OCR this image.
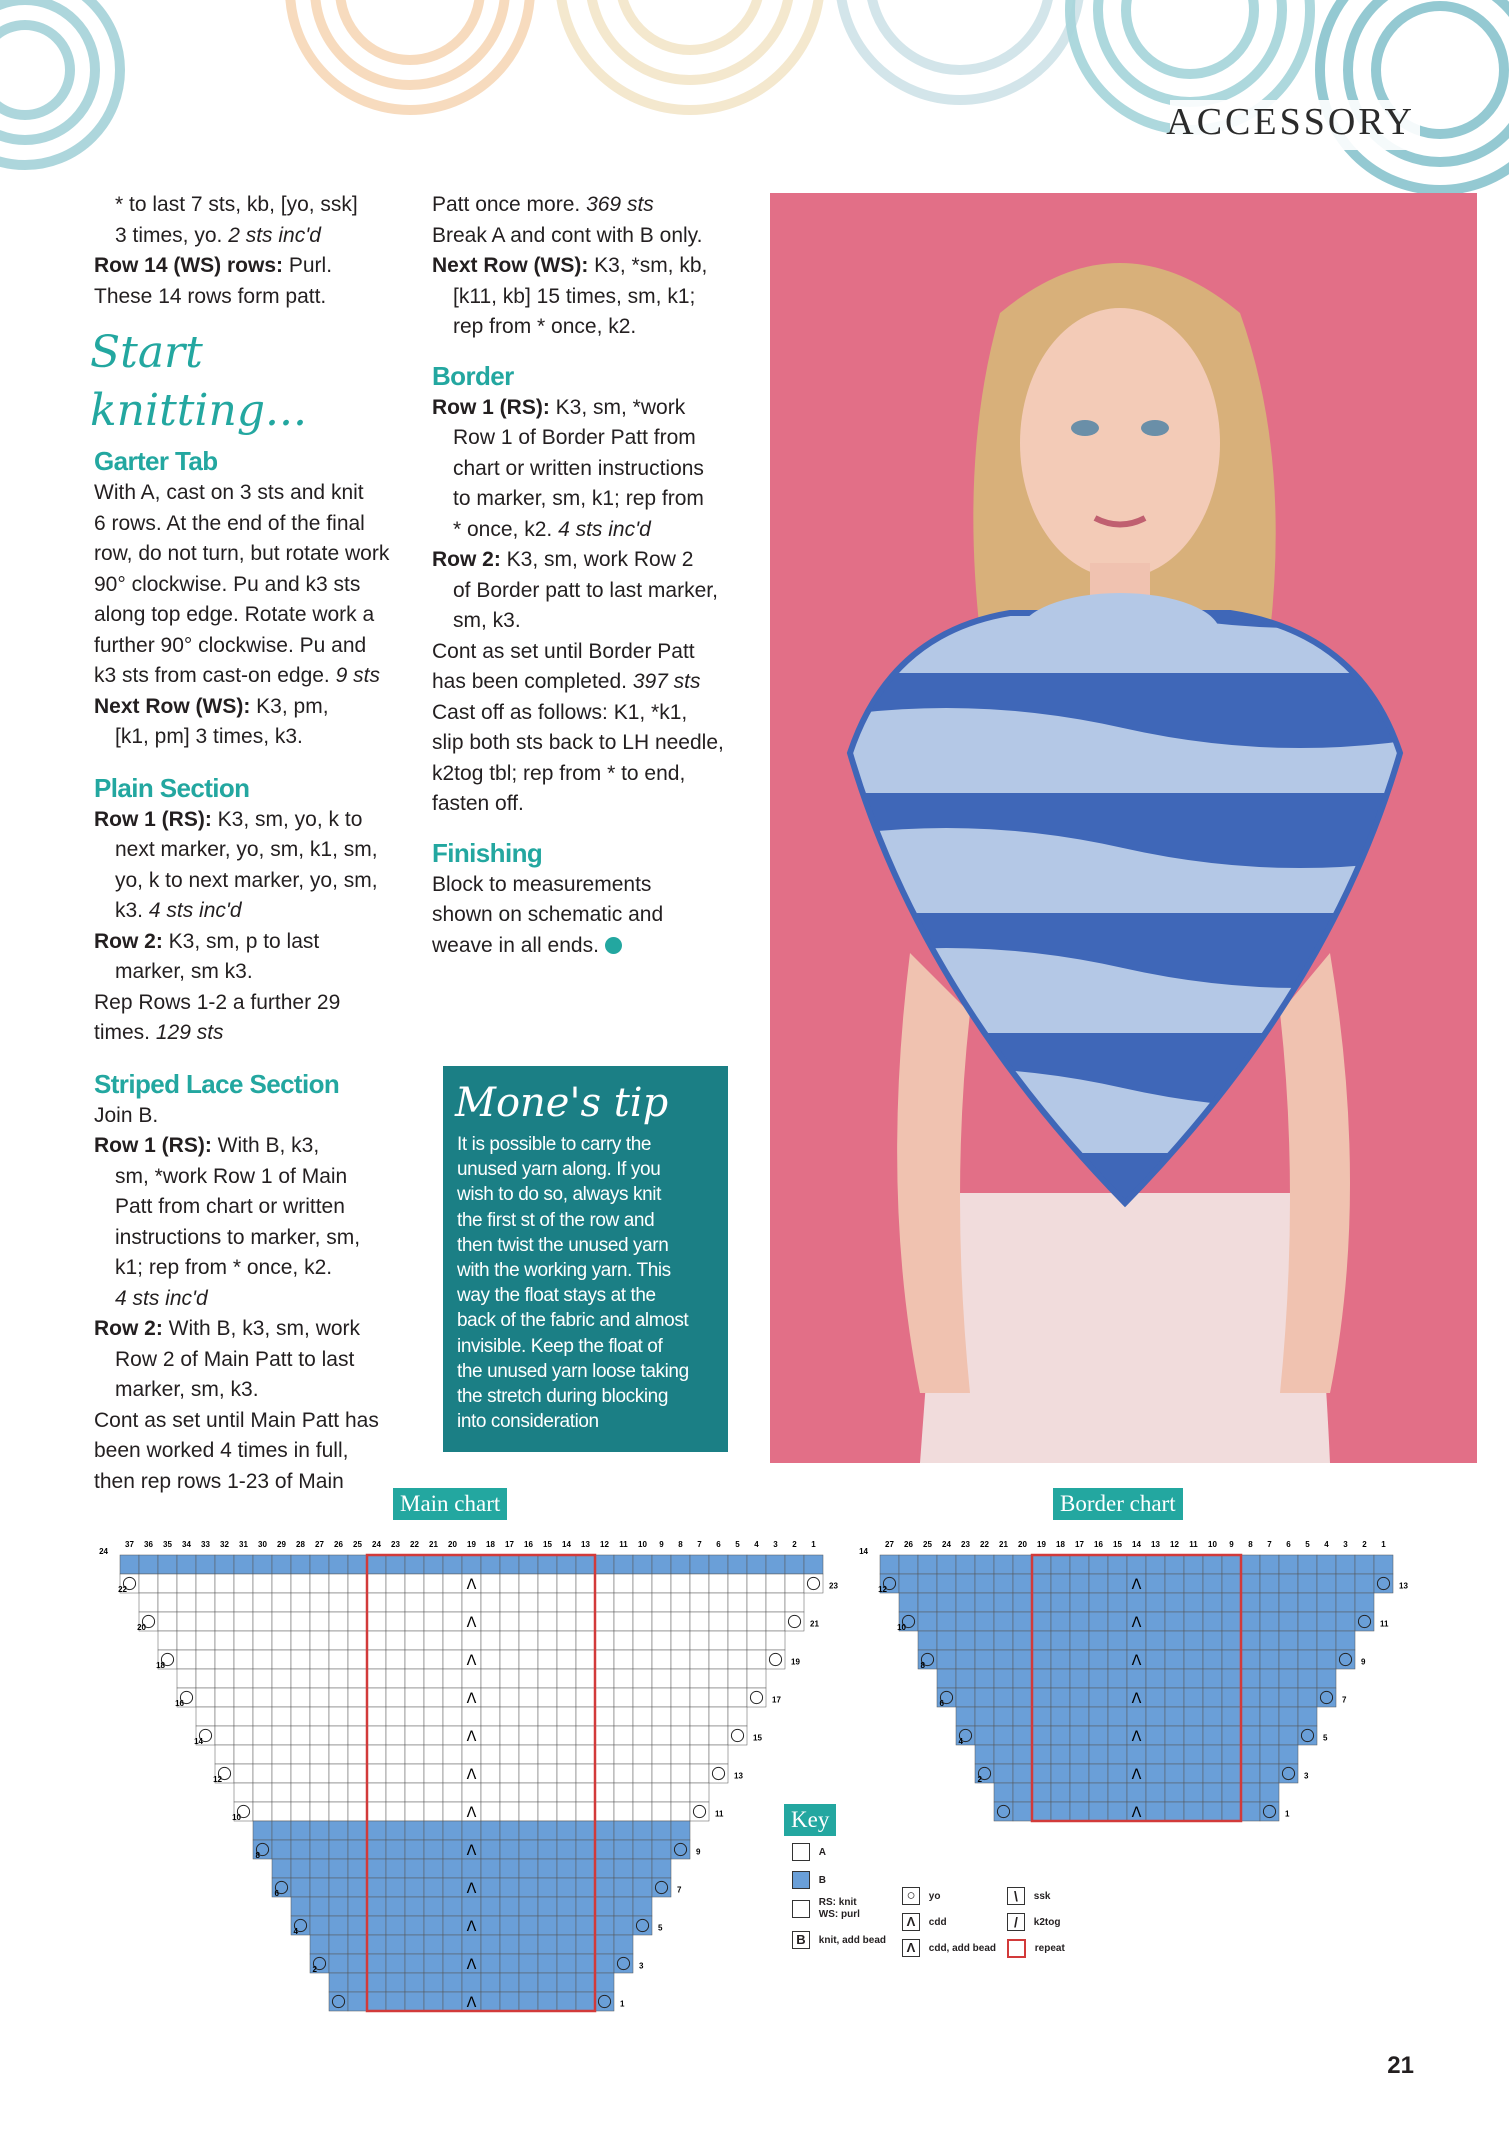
ACCESSORY

* to last 7 sts, kb, [yo, ssk]

3 times, yo. 2 sts inc'd

Row 14 (WS) rows: Purl.

These 14 rows form patt.

Start knitting...
Garter Tab

With A, cast on 3 sts and knit

6 rows. At the end of the final

row, do not turn, but rotate work

90° clockwise. Pu and k3 sts

along top edge. Rotate work a

further 90° clockwise. Pu and

k3 sts from cast-on edge. 9 sts

Next Row (WS): K3, pm,

[k1, pm] 3 times, k3.

Plain Section

Row 1 (RS): K3, sm, yo, k to

next marker, yo, sm, k1, sm,

yo, k to next marker, yo, sm,

k3. 4 sts inc'd

Row 2: K3, sm, p to last

marker, sm k3.

Rep Rows 1-2 a further 29

times. 129 sts

Striped Lace Section

Join B.

Row 1 (RS): With B, k3,

sm, *work Row 1 of Main

Patt from chart or written

instructions to marker, sm,

k1; rep from * once, k2.

4 sts inc'd

Row 2: With B, k3, sm, work

Row 2 of Main Patt to last

marker, sm, k3.

Cont as set until Main Patt has

been worked 4 times in full,

then rep rows 1-23 of Main

Patt once more. 369 sts

Break A and cont with B only.

Next Row (WS): K3, *sm, kb,

[k11, kb] 15 times, sm, k1;

rep from * once, k2.

Border

Row 1 (RS): K3, sm, *work

Row 1 of Border Patt from

chart or written instructions

to marker, sm, k1; rep from

* once, k2. 4 sts inc'd

Row 2: K3, sm, work Row 2

of Border patt to last marker,

sm, k3.

Cont as set until Border Patt

has been completed. 397 sts

Cast off as follows: K1, *k1,

slip both sts back to LH needle,

k2tog tbl; rep from * to end,

fasten off.

Finishing

Block to measurements

shown on schematic and

weave in all ends.

Mone's tip
It is possible to carry the
unused yarn along. If you
wish to do so, always knit
the first st of the row and
then twist the unused yarn
with the working yarn. This
way the float stays at the
back of the fabric and almost
invisible. Keep the float of
the unused yarn loose taking
the stretch during blocking
into consideration
Main chart	Border chart
37 36 35 34 33 32 31 30 29 28 27 26 25 24 23 22 21 20 19 18 17 16 15 14 13 12 11 10 9 8 7 6 5 4 3 2 1
24
23
Λ
22
21
Λ
20
19
Λ
18
17
Λ
16
15
Λ
14
13
Λ
12
11
Λ
10
9
Λ
8
7
Λ
6
5
Λ
4
3
Λ
2
1
Λ
27 26 25 24 23 22 21 20 19 18 17 16 15 14 13 12 11 10 9 8 7 6 5 4 3 2 1
14
13
Λ
12
11
Λ
10
9
Λ
8
7
Λ
6
5
Λ
4
3
Λ
2
1
Λ
Key
A
B

RS: knit
WS: purl
B knit, add bead
○ yo
Λ cdd
Λ cdd, add bead
\ ssk
/ k2tog
repeat
21
